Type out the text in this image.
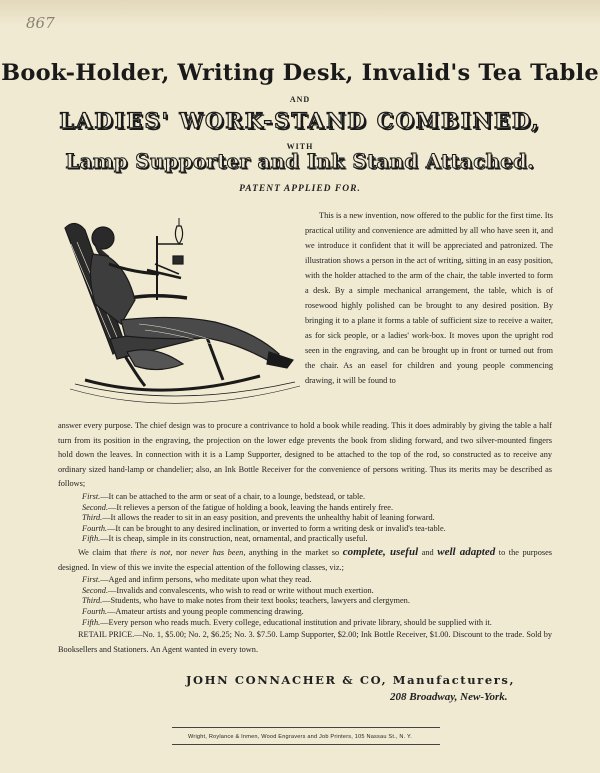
867
Book-Holder, Writing Desk, Invalid's Tea Table
AND
LADIES' WORK-STAND COMBINED,
WITH
Lamp Supporter and Ink Stand Attached.
PATENT APPLIED FOR.

This is a new invention, now offered to the public for the first time. Its practical utility and convenience are admitted by all who have seen it, and we introduce it confident that it will be appreciated and patronized. The illustration shows a person in the act of writing, sitting in an easy position, with the holder attached to the arm of the chair, the table inverted to form a desk. By a simple mechanical arrangement, the table, which is of rosewood highly polished can be brought to any desired position. By bringing it to a plane it forms a table of sufficient size to receive a waiter, as for sick people, or a ladies' work-box. It moves upon the upright rod seen in the engraving, and can be brought up in front or turned out from the chair. As an easel for children and young people commencing drawing, it will be found to

answer every purpose. The chief design was to procure a contrivance to hold a book while reading. This it does admirably by giving the table a half turn from its position in the engraving, the projection on the lower edge prevents the book from sliding forward, and two silver-mounted fingers hold down the leaves. In connection with it is a Lamp Supporter, designed to be attached to the top of the rod, so constructed as to receive any ordinary sized hand-lamp or chandelier; also, an Ink Bottle Receiver for the convenience of persons writing. Thus its merits may be described as follows;

First.—It can be attached to the arm or seat of a chair, to a lounge, bedstead, or table.
Second.—It relieves a person of the fatigue of holding a book, leaving the hands entirely free.
Third.—It allows the reader to sit in an easy position, and prevents the unhealthy habit of leaning forward.
Fourth.—It can be brought to any desired inclination, or inverted to form a writing desk or invalid's tea-table.
Fifth.—It is cheap, simple in its construction, neat, ornamental, and practically useful.

We claim that there is not, nor never has been, anything in the market so complete, useful and well adapted to the purposes designed. In view of this we invite the especial attention of the following classes, viz.;

First.—Aged and infirm persons, who meditate upon what they read.
Second.—Invalids and convalescents, who wish to read or write without much exertion.
Third.—Students, who have to make notes from their text books; teachers, lawyers and clergymen.
Fourth.—Amateur artists and young people commencing drawing.
Fifth.—Every person who reads much. Every college, educational institution and private library, should be supplied with it.

RETAIL PRICE.—No. 1, $5.00; No. 2, $6.25; No. 3. $7.50. Lamp Supporter, $2.00; Ink Bottle Receiver, $1.00. Discount to the trade. Sold by Booksellers and Stationers. An Agent wanted in every town.

JOHN CONNACHER & CO, Manufacturers,
208 Broadway, New-York.
Wright, Roylance & Inmen, Wood Engravers and Job Printers, 105 Nassau St., N. Y.
